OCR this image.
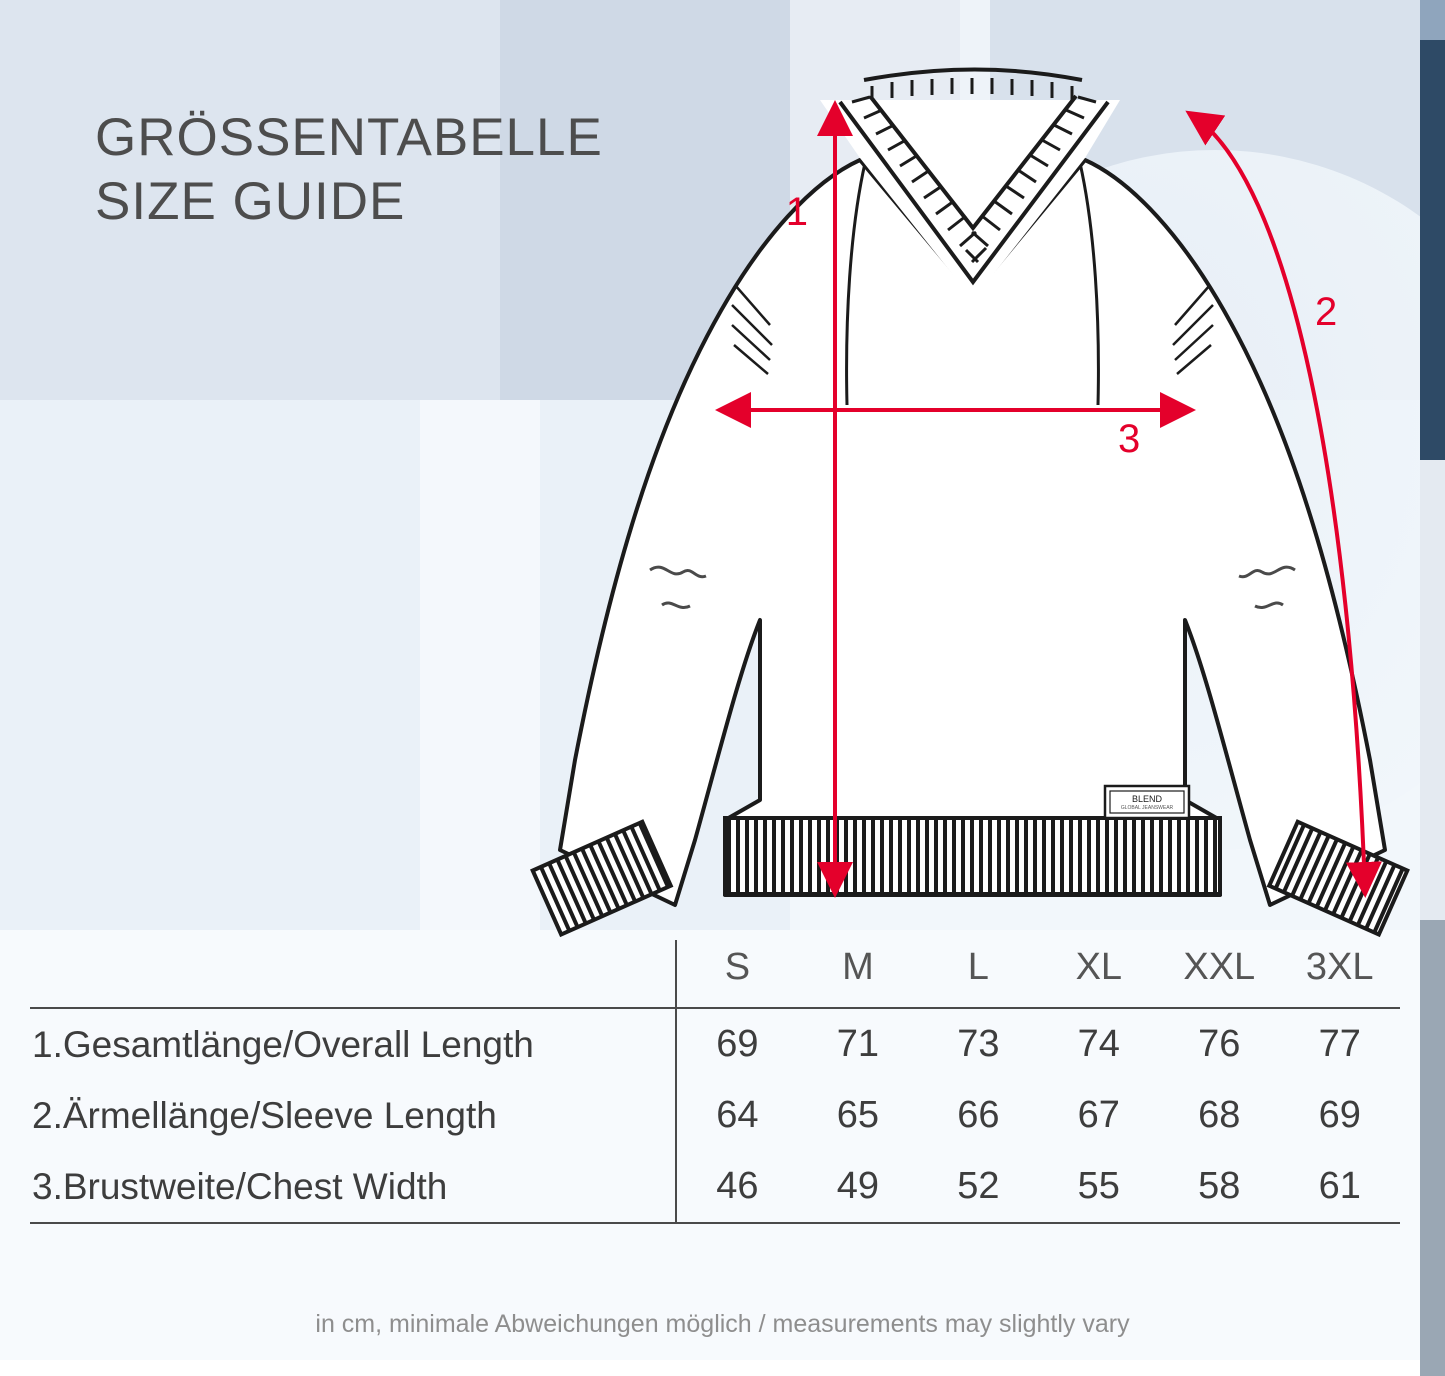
GRÖSSENTABELLE
SIZE GUIDE
BLEND
GLOBAL JEANSWEAR
1
3
2
	S	M	L	XL	XXL	3XL
1.Gesamtlänge/Overall Length	69	71	73	74	76	77
2.Ärmellänge/Sleeve Length	64	65	66	67	68	69
3.Brustweite/Chest Width	46	49	52	55	58	61
in cm, minimale Abweichungen möglich / measurements may slightly vary
